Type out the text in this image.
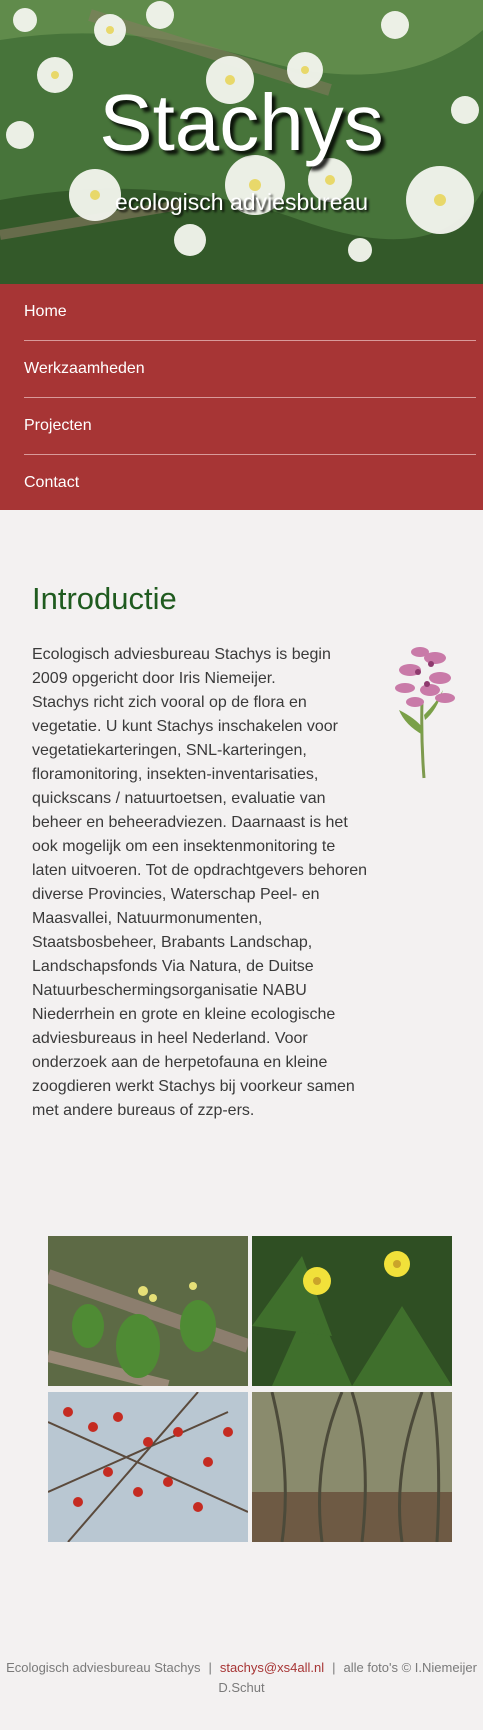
Stachys
ecologisch adviesbureau
Home
Werkzaamheden
Projecten
Contact
Introductie

Ecologisch adviesbureau Stachys is begin
2009 opgericht door Iris Niemeijer.
Stachys richt zich vooral op de flora en
vegetatie. U kunt Stachys inschakelen voor
vegetatiekarteringen, SNL-karteringen,
floramonitoring, insekten-inventarisaties,
quickscans / natuurtoetsen, evaluatie van
beheer en beheeradviezen. Daarnaast is het
ook mogelijk om een insektenmonitoring te
laten uitvoeren. Tot de opdrachtgevers behoren
diverse Provincies, Waterschap Peel- en
Maasvallei, Natuurmonumenten,
Staatsbosbeheer, Brabants Landschap,
Landschapsfonds Via Natura, de Duitse
Natuurbeschermingsorganisatie NABU
Niederrhein en grote en kleine ecologische
adviesbureaus in heel Nederland. Voor
onderzoek aan de herpetofauna en kleine
zoogdieren werkt Stachys bij voorkeur samen
met andere bureaus of zzp-ers.

Ecologisch adviesbureau Stachys | stachys@xs4all.nl | alle foto's © I.Niemeijer
D.Schut
